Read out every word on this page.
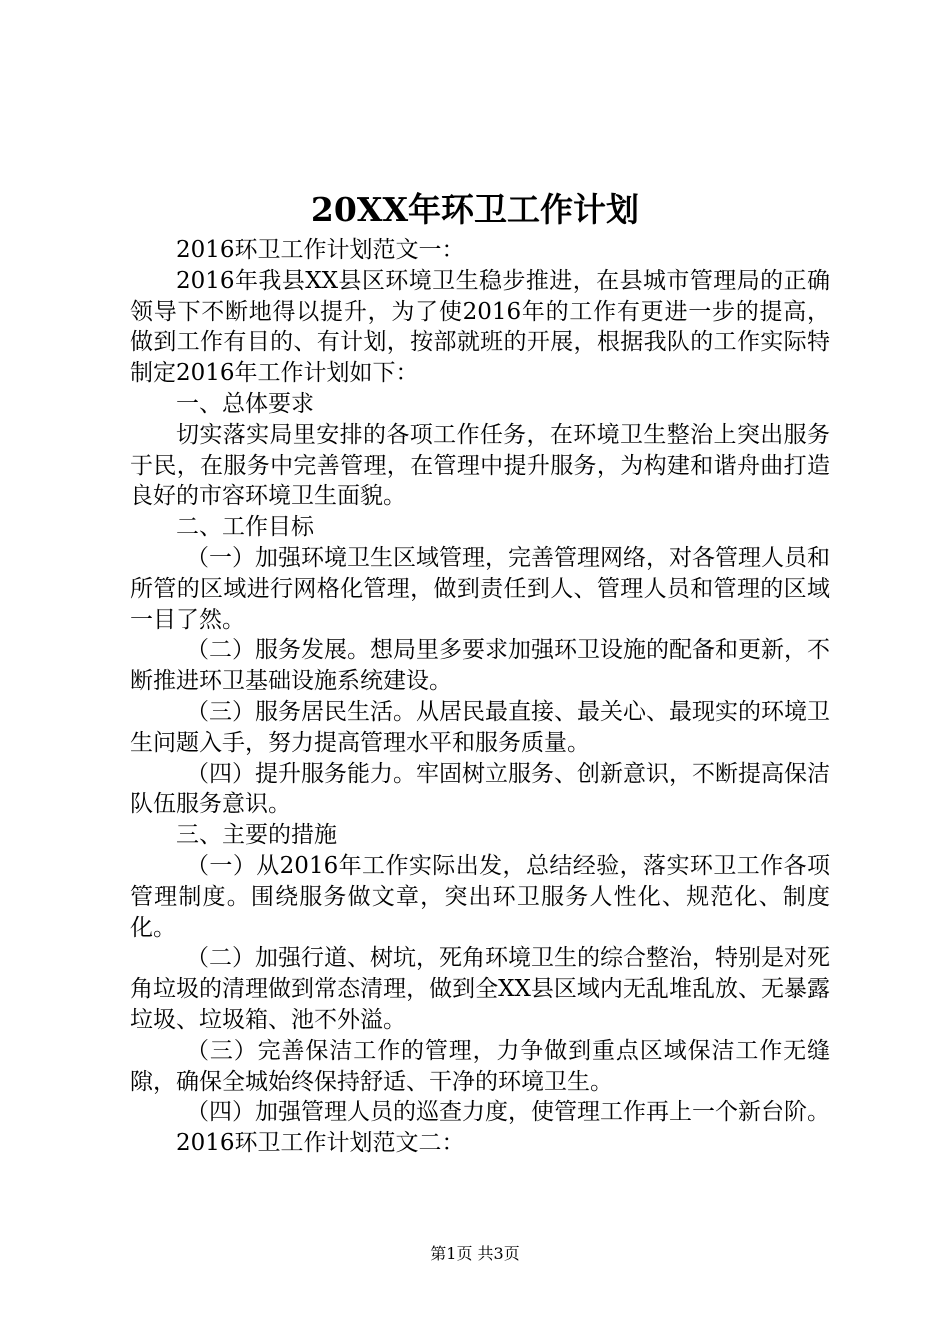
20XX年环卫工作计划

2016环卫工作计划范文一：

2016年我县XX县区环境卫生稳步推进，在县城市管理局的正确领导下不断地得以提升，为了使2016年的工作有更进一步的提高，做到工作有目的、有计划，按部就班的开展，根据我队的工作实际特制定2016年工作计划如下：

一、总体要求

切实落实局里安排的各项工作任务，在环境卫生整治上突出服务于民，在服务中完善管理，在管理中提升服务，为构建和谐舟曲打造良好的市容环境卫生面貌。

二、工作目标

（一）加强环境卫生区域管理，完善管理网络，对各管理人员和所管的区域进行网格化管理，做到责任到人、管理人员和管理的区域一目了然。

（二）服务发展。想局里多要求加强环卫设施的配备和更新，不断推进环卫基础设施系统建设。

（三）服务居民生活。从居民最直接、最关心、最现实的环境卫生问题入手，努力提高管理水平和服务质量。

（四）提升服务能力。牢固树立服务、创新意识，不断提高保洁队伍服务意识。

三、主要的措施

（一）从2016年工作实际出发，总结经验，落实环卫工作各项管理制度。围绕服务做文章，突出环卫服务人性化、规范化、制度化。

（二）加强行道、树坑，死角环境卫生的综合整治，特别是对死角垃圾的清理做到常态清理，做到全XX县区域内无乱堆乱放、无暴露垃圾、垃圾箱、池不外溢。

（三）完善保洁工作的管理，力争做到重点区域保洁工作无缝隙，确保全城始终保持舒适、干净的环境卫生。

（四）加强管理人员的巡查力度，使管理工作再上一个新台阶。

2016环卫工作计划范文二：

第1页 共3页
